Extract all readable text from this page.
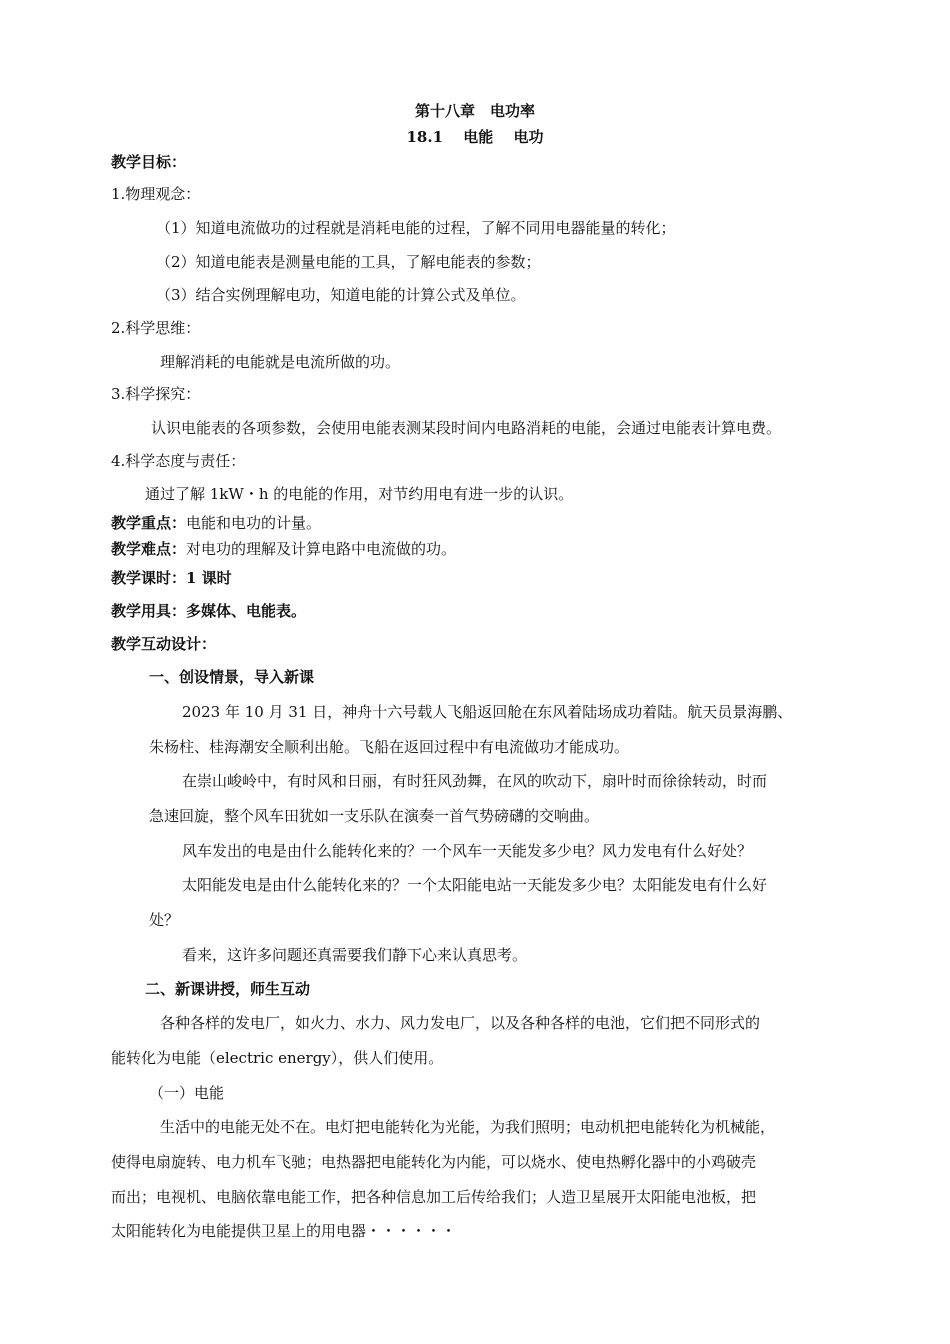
第十八章　电功率
18.1　 电能　 电功
教学目标：
1.物理观念：
（1）知道电流做功的过程就是消耗电能的过程，了解不同用电器能量的转化；
（2）知道电能表是测量电能的工具，了解电能表的参数；
（3）结合实例理解电功，知道电能的计算公式及单位。
2.科学思维：
理解消耗的电能就是电流所做的功。
3.科学探究：
认识电能表的各项参数，会使用电能表测某段时间内电路消耗的电能，会通过电能表计算电费。
4.科学态度与责任：
通过了解 1kW・h 的电能的作用，对节约用电有进一步的认识。
教学重点：电能和电功的计量。
教学难点：对电功的理解及计算电路中电流做的功。
教学课时：1 课时
教学用具：多媒体、电能表。
教学互动设计：
一、创设情景，导入新课
2023 年 10 月 31 日，神舟十六号载人飞船返回舱在东风着陆场成功着陆。航天员景海鹏、
朱杨柱、桂海潮安全顺利出舱。飞船在返回过程中有电流做功才能成功。
在崇山峻岭中，有时风和日丽，有时狂风劲舞，在风的吹动下，扇叶时而徐徐转动，时而
急速回旋，整个风车田犹如一支乐队在演奏一首气势磅礴的交响曲。
风车发出的电是由什么能转化来的？一个风车一天能发多少电？风力发电有什么好处？
太阳能发电是由什么能转化来的？一个太阳能电站一天能发多少电？太阳能发电有什么好
处？
看来，这许多问题还真需要我们静下心来认真思考。
二、新课讲授，师生互动
各种各样的发电厂，如火力、水力、风力发电厂，以及各种各样的电池，它们把不同形式的
能转化为电能（electric energy），供人们使用。
（一）电能
生活中的电能无处不在。电灯把电能转化为光能，为我们照明；电动机把电能转化为机械能，
使得电扇旋转、电力机车飞驰；电热器把电能转化为内能，可以烧水、使电热孵化器中的小鸡破壳
而出；电视机、电脑依靠电能工作，把各种信息加工后传给我们；人造卫星展开太阳能电池板，把
太阳能转化为电能提供卫星上的用电器・・・・・・
